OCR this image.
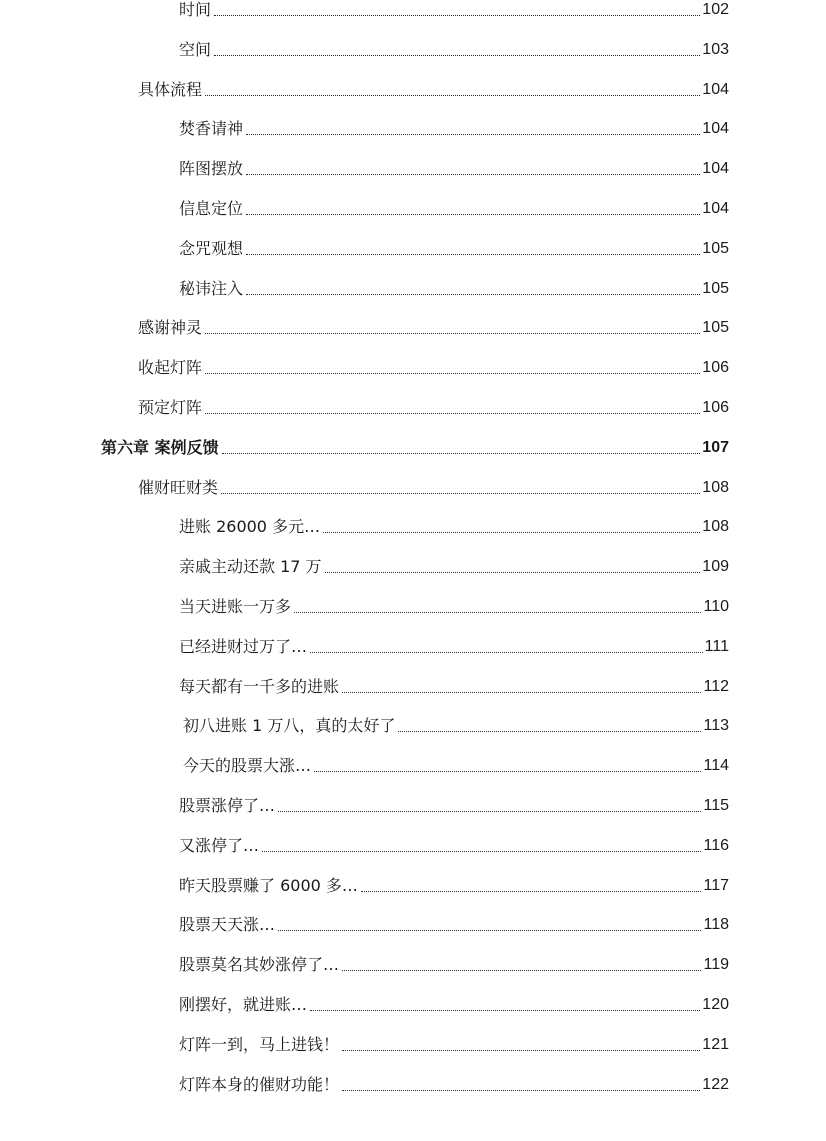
时间	102
空间	103
具体流程	104
焚香请神	104
阵图摆放	104
信息定位	104
念咒观想	105
秘讳注入	105
感谢神灵	105
收起灯阵	106
预定灯阵	106
第六章 案例反馈	107
催财旺财类	108
进账 26000 多元…	108
亲戚主动还款 17 万	109
当天进账一万多	110
已经进财过万了…	111
每天都有一千多的进账	112
初八进账 1 万八，真的太好了	113
今天的股票大涨…	114
股票涨停了…	115
又涨停了…	116
昨天股票赚了 6000 多…	117
股票天天涨…	118
股票莫名其妙涨停了…	119
刚摆好，就进账…	120
灯阵一到，马上进钱！	121
灯阵本身的催财功能！	122
